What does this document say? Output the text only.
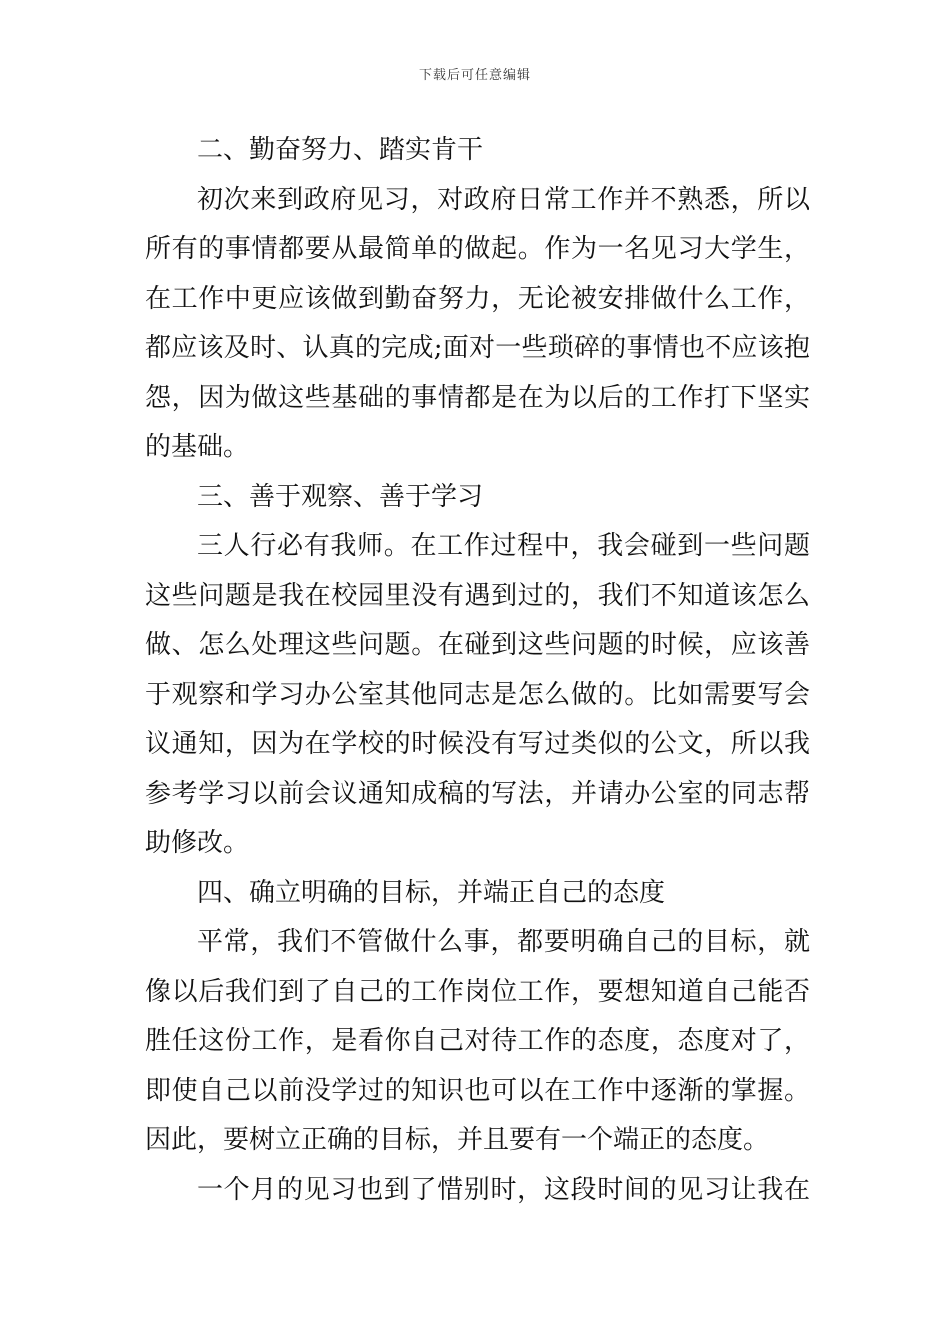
下载后可任意编辑
二、勤奋努力、踏实肯干
初次来到政府见习，对政府日常工作并不熟悉，所以
所有的事情都要从最简单的做起。作为一名见习大学生，
在工作中更应该做到勤奋努力，无论被安排做什么工作，
都应该及时、认真的完成;面对一些琐碎的事情也不应该抱
怨，因为做这些基础的事情都是在为以后的工作打下坚实
的基础。
三、善于观察、善于学习
三人行必有我师。在工作过程中，我会碰到一些问题
这些问题是我在校园里没有遇到过的，我们不知道该怎么
做、怎么处理这些问题。在碰到这些问题的时候，应该善
于观察和学习办公室其他同志是怎么做的。比如需要写会
议通知，因为在学校的时候没有写过类似的公文，所以我
参考学习以前会议通知成稿的写法，并请办公室的同志帮
助修改。
四、确立明确的目标，并端正自己的态度
平常，我们不管做什么事，都要明确自己的目标，就
像以后我们到了自己的工作岗位工作，要想知道自己能否
胜任这份工作，是看你自己对待工作的态度，态度对了，
即使自己以前没学过的知识也可以在工作中逐渐的掌握。
因此，要树立正确的目标，并且要有一个端正的态度。
一个月的见习也到了惜别时，这段时间的见习让我在
